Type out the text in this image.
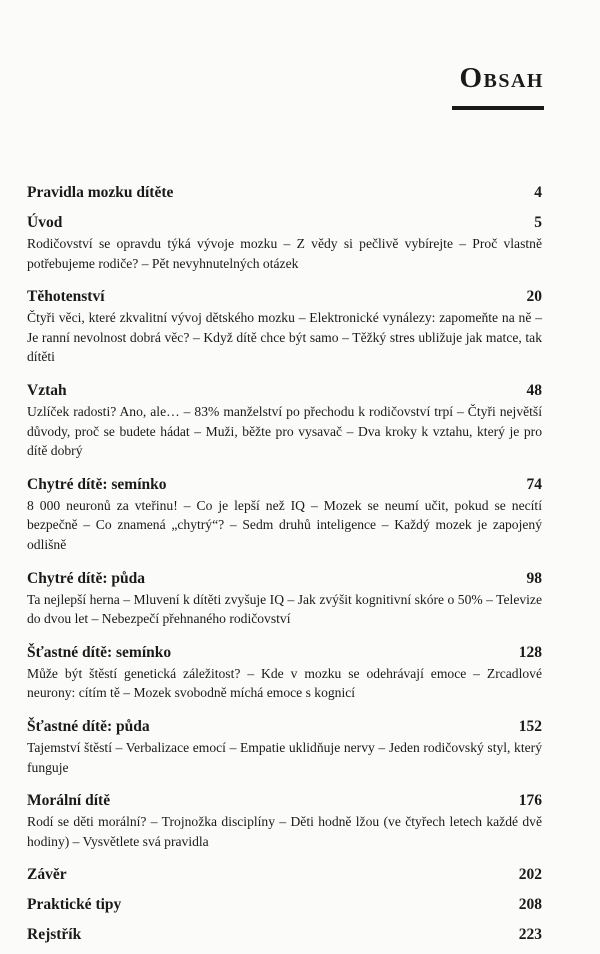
Obsah
Pravidla mozku dítěte	4
Úvod	5

Rodičovství se opravdu týká vývoje mozku – Z vědy si pečlivě vybírejte – Proč vlastně potřebujeme rodiče? – Pět nevyhnutelných otázek

Těhotenství	20

Čtyři věci, které zkvalitní vývoj dětského mozku – Elektronické vynálezy: zapomeňte na ně – Je ranní nevolnost dobrá věc? – Když dítě chce být samo – Těžký stres ubližuje jak matce, tak dítěti

Vztah	48

Uzlíček radosti? Ano, ale… – 83% manželství po přechodu k rodičovství trpí – Čtyři největší důvody, proč se budete hádat – Muži, běžte pro vysavač – Dva kroky k vztahu, který je pro dítě dobrý

Chytré dítě: semínko	74

8 000 neuronů za vteřinu! – Co je lepší než IQ – Mozek se neumí učit, pokud se necítí bezpečně – Co znamená „chytrý“? – Sedm druhů inteligence – Každý mozek je zapojený odlišně

Chytré dítě: půda	98

Ta nejlepší herna – Mluvení k dítěti zvyšuje IQ – Jak zvýšit kognitivní skóre o 50% – Televize do dvou let – Nebezpečí přehnaného rodičovství

Šťastné dítě: semínko	128

Může být štěstí genetická záležitost? – Kde v mozku se odehrávají emoce – Zrcadlové neurony: cítím tě – Mozek svobodně míchá emoce s kognicí

Šťastné dítě: půda	152

Tajemství štěstí – Verbalizace emocí – Empatie uklidňuje nervy – Jeden rodičovský styl, který funguje

Morální dítě	176

Rodí se děti morální? – Trojnožka disciplíny – Děti hodně lžou (ve čtyřech letech každé dvě hodiny) – Vysvětlete svá pravidla

Závěr	202
Praktické tipy	208
Rejstřík	223
